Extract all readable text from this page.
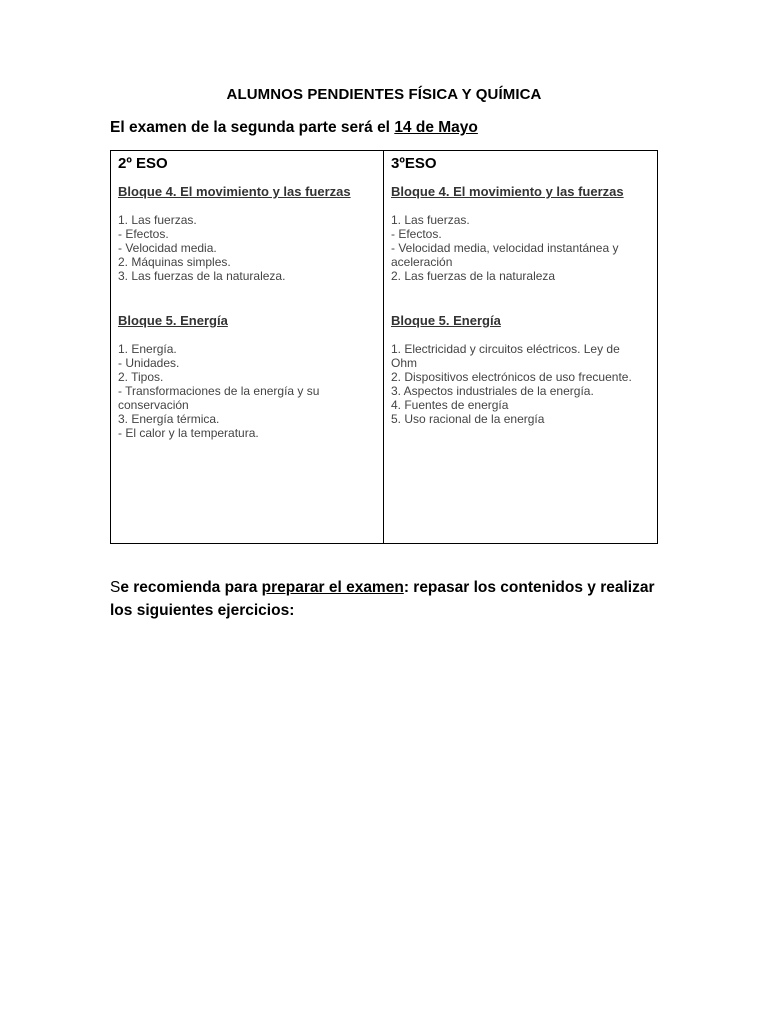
ALUMNOS PENDIENTES FÍSICA Y QUÍMICA
El examen de la segunda parte será el 14 de Mayo
2º ESO
Bloque 4. El movimiento y las fuerzas
1. Las fuerzas.
- Efectos.
- Velocidad media.
2. Máquinas simples.
3. Las fuerzas de la naturaleza.
Bloque 5. Energía
1. Energía.
- Unidades.
2. Tipos.
- Transformaciones de la energía y su
conservación
3. Energía térmica.
- El calor y la temperatura.
3ºESO
Bloque 4. El movimiento y las fuerzas
1. Las fuerzas.
- Efectos.
- Velocidad media, velocidad instantánea y
aceleración
2. Las fuerzas de la naturaleza
Bloque 5. Energía
1. Electricidad y circuitos eléctricos. Ley de
Ohm
2. Dispositivos electrónicos de uso frecuente.
3. Aspectos industriales de la energía.
4. Fuentes de energía
5. Uso racional de la energía
Se recomienda para preparar el examen: repasar los contenidos y realizar
los siguientes ejercicios:
